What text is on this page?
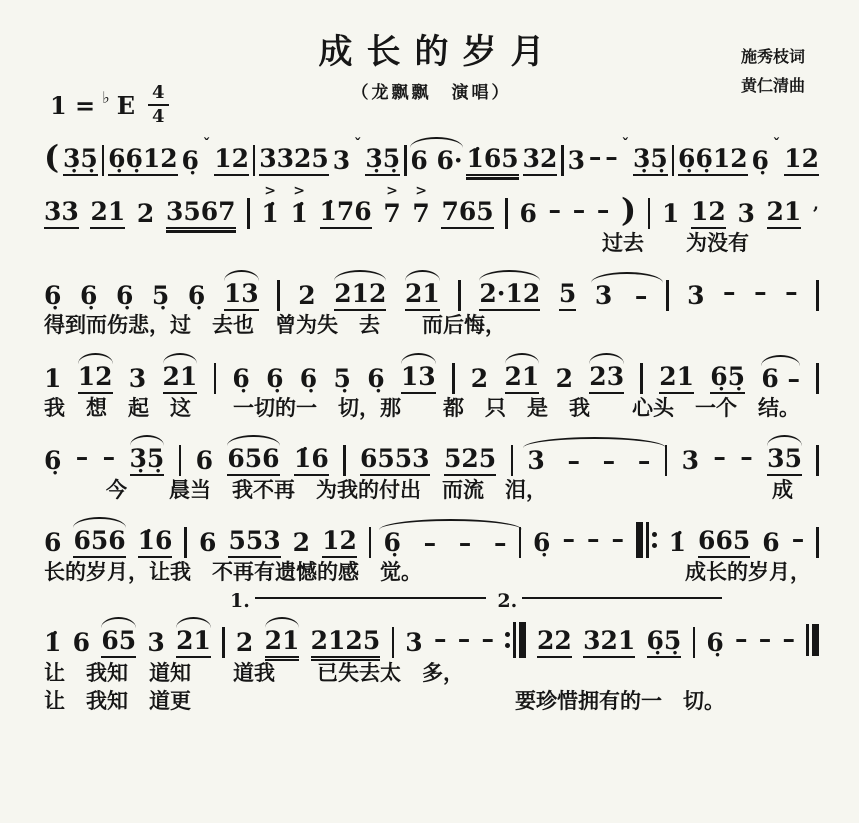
成长的岁月
（龙飘飘　演唱）
施秀枝词
黄仁清曲
1 = ♭ E $\frac{4}{4}$
( 3̣5̣ 6̣6̣12 6̣
ˇ 12 3325 3
ˇ 3̣5̣ 6 6· 1̇65 32 3 – – ˇ 3̣5̣ 6̣6̣12 6̣
ˇ 12
33 21 2 3567 > 1̇ > 1̇ 1̇76 > 7 > 7 765 6 – – – ) 1 12 3 21 ,
过去　　为没有
6̣ 6̣ 6̣ 5̣ 6̣ 13 2 212 21 2·12 5 3 – 3 – – –
得到而伤悲，过　去也　曾为失　去　　而后悔，
1 12 3 21 6̣ 6̣ 6̣ 5̣ 6̣ 13 2 21 2 23 21 6̣5̣ 6 –
我　想　起　这　　一切的一　切，那　　都　只　是　我　　心头　一个　结。
6̣ – – 3̣5̣ 6 656 1̇6 6553 525 3 – – – 3 – – 35
今　　晨当　我不再　为我的付出　而流　泪，	成
6 656 1̇6 6 553 2 12 6̣ – – – 6̣ – – – 1̇ 665 6 –
长的岁月，让我　不再有遗憾的感　觉。	成长的岁月，
1.	2.
1̇ 6 65 3 21 2 21 2125 3 – – – 22 321 6̣5̣ 6̣ – – –
让　我知　道知　　道我　　已失去太　多，
让　我知　道更	要珍惜拥有的一　切。
